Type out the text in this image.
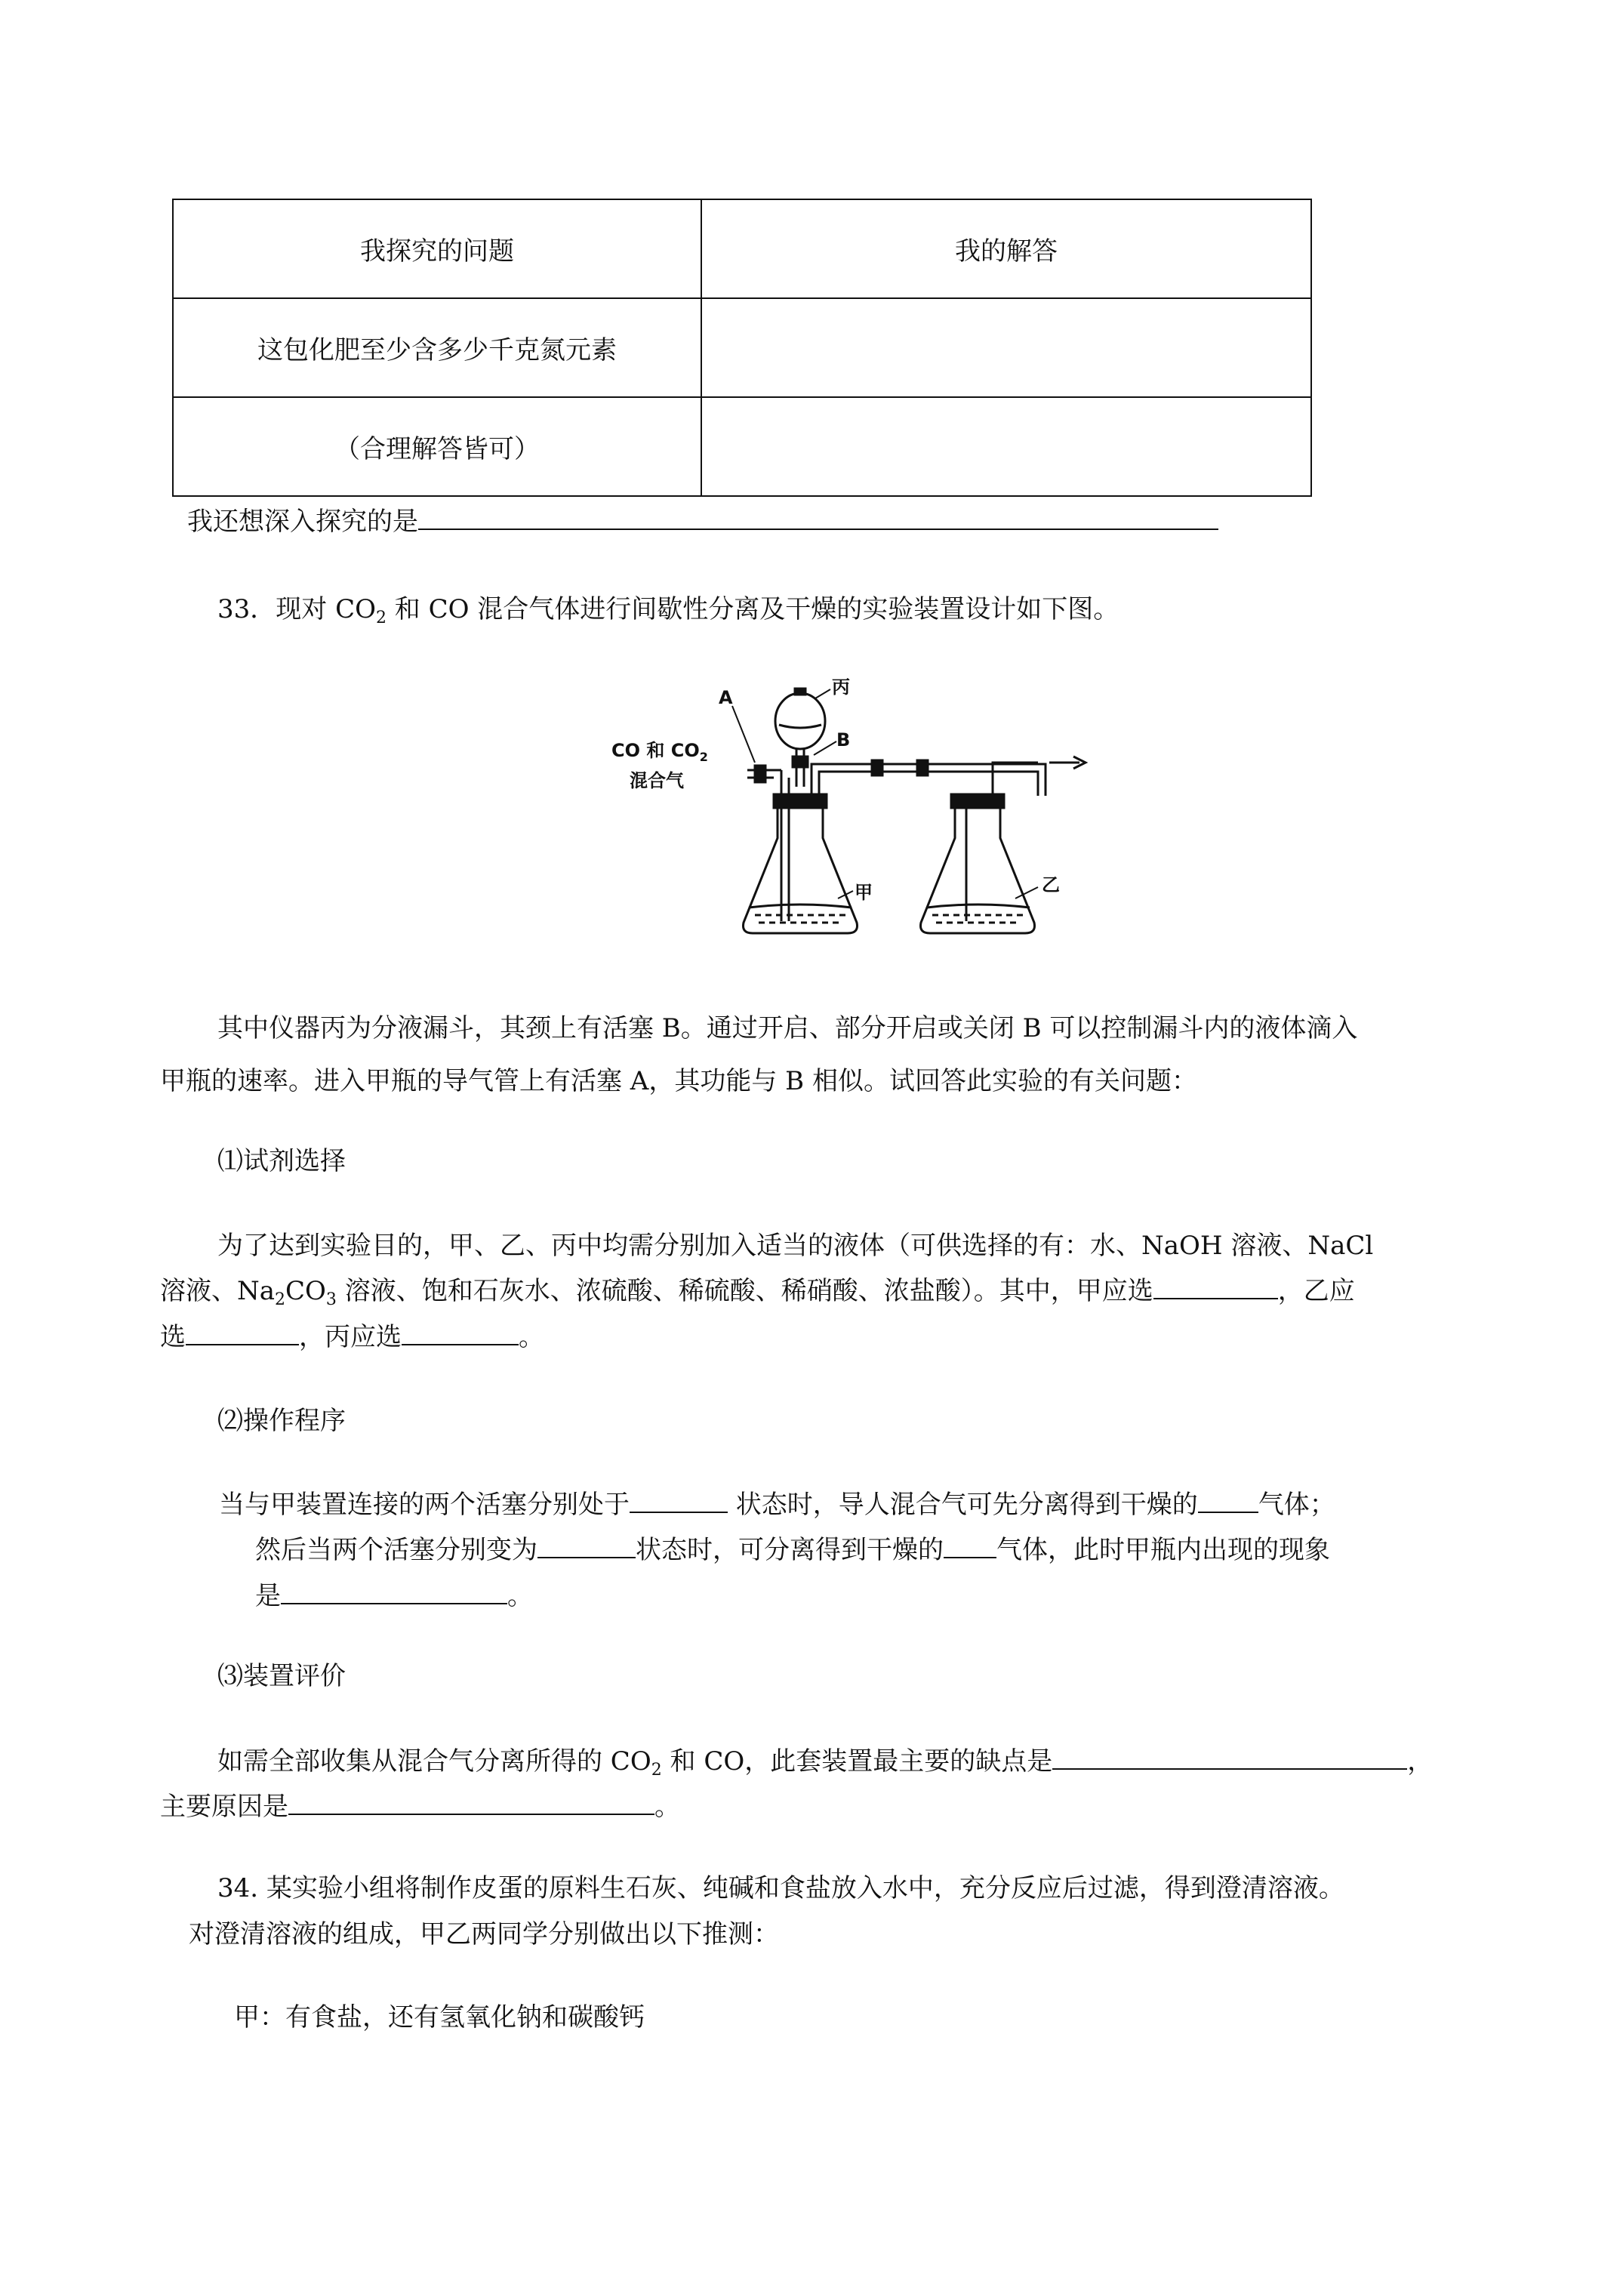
我探究的问题	我的解答
这包化肥至少含多少千克氮元素	
（合理解答皆可）	
我还想深入探究的是
33．现对 $CO_2$ 和 CO 混合气体进行间歇性分离及干燥的实验装置设计如下图。
A	丙
B
甲	乙
CO 和 $CO_2$
混合气
其中仪器丙为分液漏斗，其颈上有活塞 B。通过开启、部分开启或关闭 B 可以控制漏斗内的液体滴入
甲瓶的速率。进入甲瓶的导气管上有活塞 A，其功能与 B 相似。试回答此实验的有关问题：
⑴试剂选择
为了达到实验目的，甲、乙、丙中均需分别加入适当的液体（可供选择的有：水、NaOH 溶液、NaCl
溶液、$Na_2CO_3$ 溶液、饱和石灰水、浓硫酸、稀硫酸、稀硝酸、浓盐酸）。其中，甲应选	，乙应
选	，丙应选	。
⑵操作程序
当与甲装置连接的两个活塞分别处于	状态时，导人混合气可先分离得到干燥的 气体；
然后当两个活塞分别变为	状态时，可分离得到干燥的 气体，此时甲瓶内出现的现象
是	。
⑶装置评价
如需全部收集从混合气分离所得的 $CO_2$ 和 CO，此套装置最主要的缺点是	，
主要原因是	。
34. 某实验小组将制作皮蛋的原料生石灰、纯碱和食盐放入水中，充分反应后过滤，得到澄清溶液。
对澄清溶液的组成，甲乙两同学分别做出以下推测：
甲：有食盐，还有氢氧化钠和碳酸钙
